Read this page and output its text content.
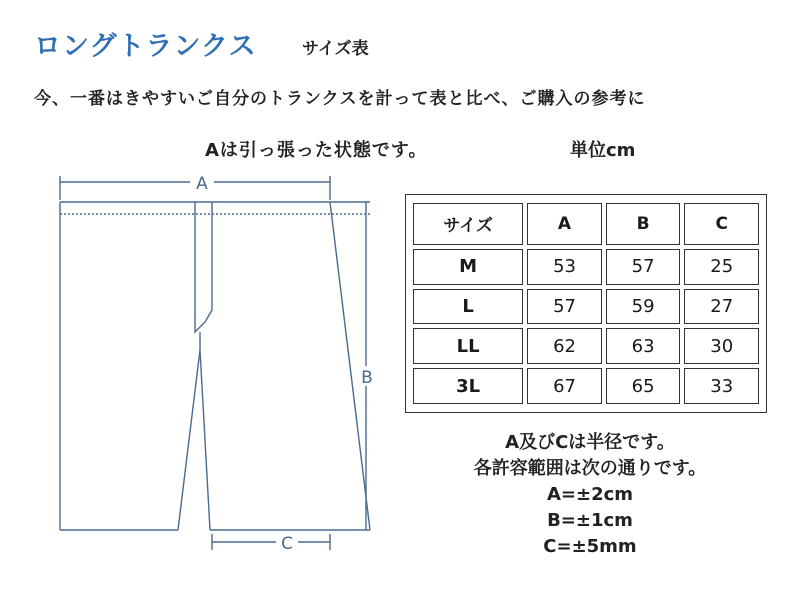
ロングトランクス	サイズ表
今、一番はきやすいご自分のトランクスを計って表と比べ、ご購入の参考に
Aは引っ張った状態です。	単位cm
A
B
C
サイズ	A	B	C
M	53	57	25
L	57	59	27
LL	62	63	30
3L	67	65	33
A及びCは半径です。
各許容範囲は次の通りです。
A=±2cm
B=±1cm
C=±5mm
